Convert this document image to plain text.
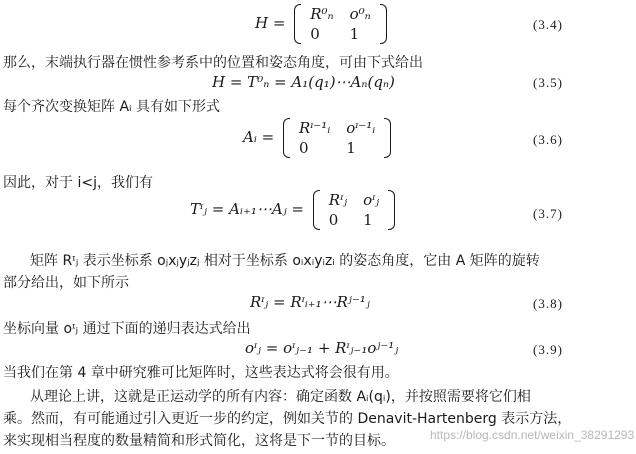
H = R⁰ₙ	o⁰ₙ
0	1
(3.4)
那么，末端执行器在惯性参考系中的位置和姿态角度，可由下式给出
H = T⁰ₙ = A₁(q₁)⋯Aₙ(qₙ)	(3.5)
每个齐次变换矩阵 Aᵢ 具有如下形式
Aᵢ = Rᶦ⁻¹ᵢ	oᶦ⁻¹ᵢ
0	1	(3.6)
因此，对于 i<j，我们有
Tᶦⱼ = Aᵢ₊₁⋯Aⱼ = Rᶦⱼ	oᶦⱼ
0	1	(3.7)
矩阵 Rᶦⱼ 表示坐标系 oⱼxⱼyⱼzⱼ 相对于坐标系 oᵢxᵢyᵢzᵢ 的姿态角度，它由 A 矩阵的旋转
部分给出，如下所示
Rᶦⱼ = Rᶦᵢ₊₁⋯Rʲ⁻¹ⱼ	(3.8)
坐标向量 oᶦⱼ 通过下面的递归表达式给出
oᶦⱼ = oᶦⱼ₋₁ + Rᶦⱼ₋₁oʲ⁻¹ⱼ	(3.9)
当我们在第 4 章中研究雅可比矩阵时，这些表达式将会很有用。
从理论上讲，这就是正运动学的所有内容：确定函数 Aᵢ(qᵢ)，并按照需要将它们相
乘。然而，有可能通过引入更近一步的约定，例如关节的 Denavit-Hartenberg 表示方法，
来实现相当程度的数量精简和形式简化，这将是下一节的目标。	https://blog.csdn.net/weixin_38291293
